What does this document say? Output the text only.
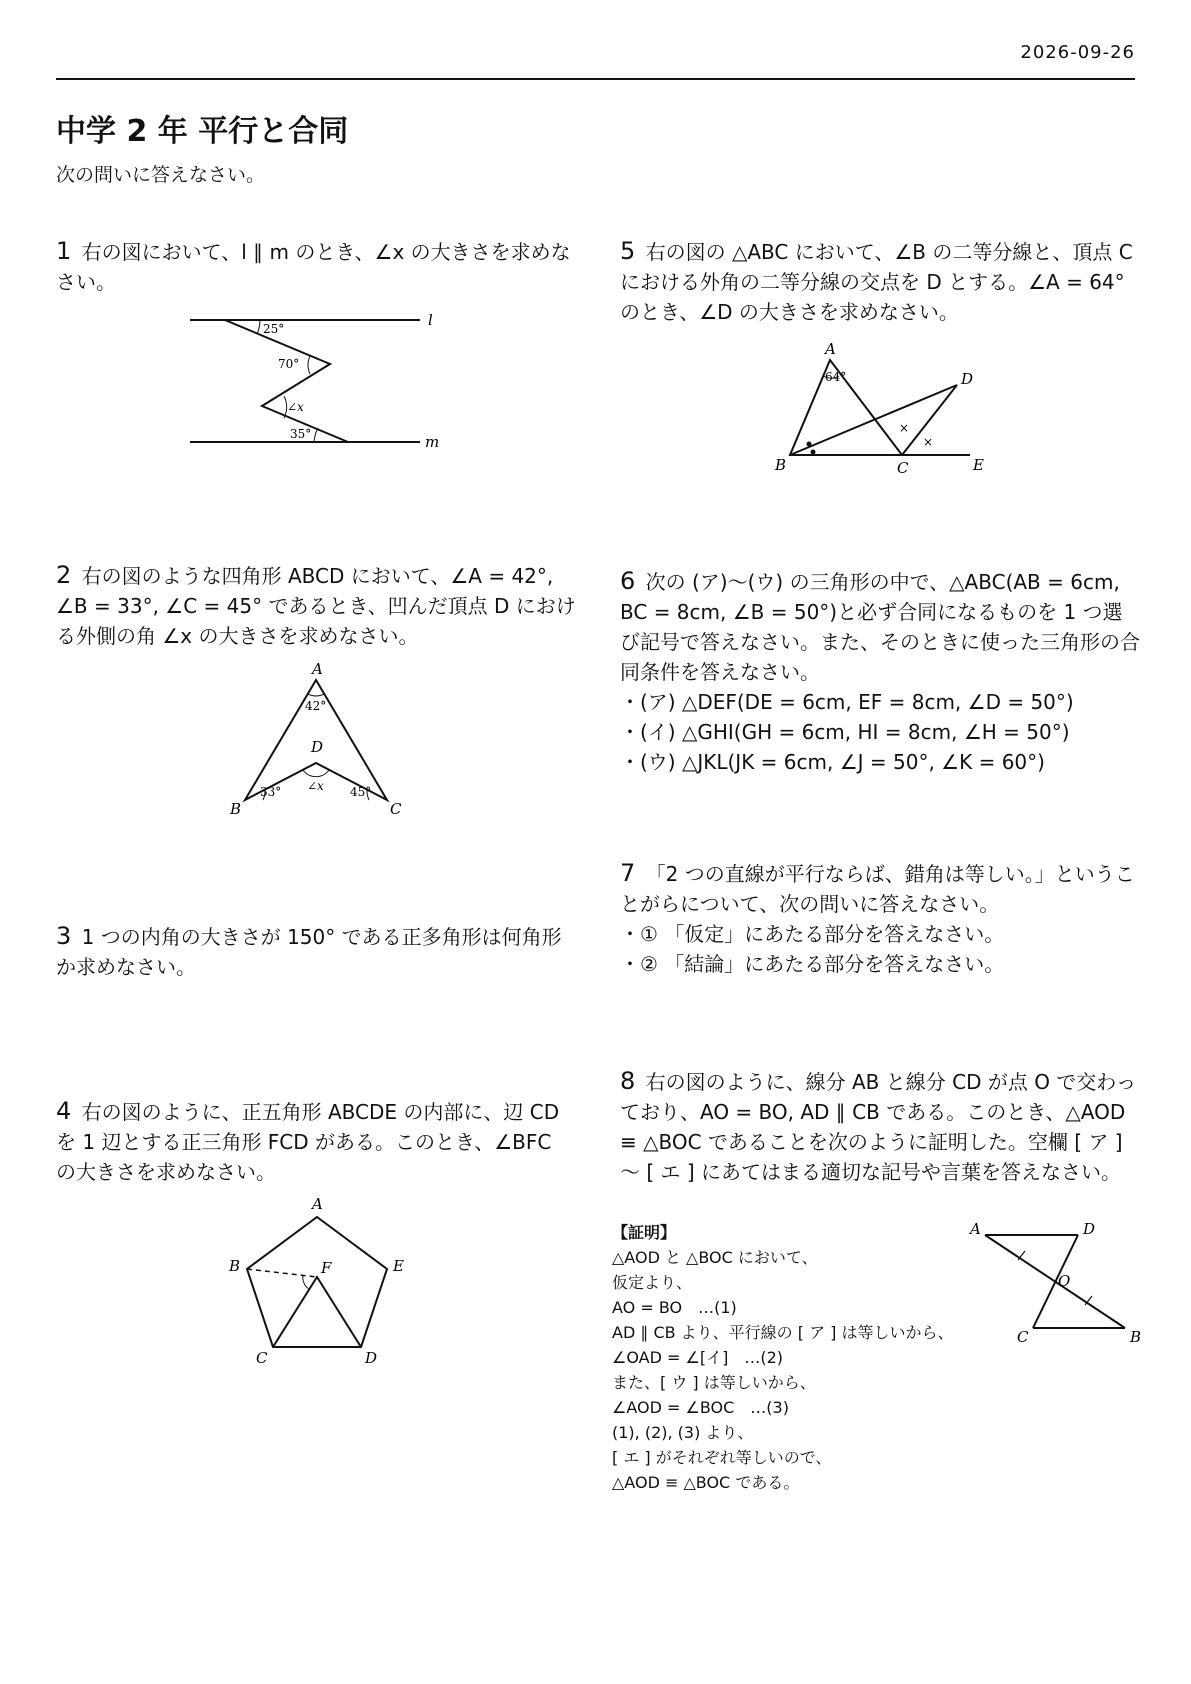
2026-09-26
中学 2 年 平行と合同
次の問いに答えなさい。
1 右の図において、l ∥ m のとき、∠x の大きさを求めなさい。
l
m
25°
70°
∠x
35°
2 右の図のような四角形 ABCD において、∠A = 42°, ∠B = 33°, ∠C = 45° であるとき、凹んだ頂点 D における外側の角 ∠x の大きさを求めなさい。
A
B	C
D
42°
33°	45°
∠x
3 1 つの内角の大きさが 150° である正多角形は何角形か求めなさい。
4 右の図のように、正五角形 ABCDE の内部に、辺 CD を 1 辺とする正三角形 FCD がある。このとき、∠BFC の大きさを求めなさい。
A
B
C	D
E
F
5 右の図の △ABC において、∠B の二等分線と、頂点 C における外角の二等分線の交点を D とする。∠A = 64° のとき、∠D の大きさを求めなさい。
×
×
A
B	C
D
E
64°
6 次の (ア)〜(ウ) の三角形の中で、△ABC(AB = 6cm, BC = 8cm, ∠B = 50°)と必ず合同になるものを 1 つ選び記号で答えなさい。また、そのときに使った三角形の合同条件を答えなさい。
・ (ア) △DEF(DE = 6cm, EF = 8cm, ∠D = 50°)
・ (イ) △GHI(GH = 6cm, HI = 8cm, ∠H = 50°)
・ (ウ) △JKL(JK = 6cm, ∠J = 50°, ∠K = 60°)
7 「2 つの直線が平行ならば、錯角は等しい。」ということがらについて、次の問いに答えなさい。
・ ① 「仮定」にあたる部分を答えなさい。
・ ② 「結論」にあたる部分を答えなさい。
8 右の図のように、線分 AB と線分 CD が点 O で交わっており、AO = BO, AD ∥ CB である。このとき、△AOD ≡ △BOC であることを次のように証明した。空欄 [ ア ] 〜 [ エ ] にあてはまる適切な記号や言葉を答えなさい。
【証明】
△AOD と △BOC において、
仮定より、
AO = BO　…(1)
AD ∥ CB より、平行線の [ ア ] は等しいから、
∠OAD = ∠[イ]　…(2)
また、[ ウ ] は等しいから、
∠AOD = ∠BOC　…(3)
(1), (2), (3) より、
[ エ ] がそれぞれ等しいので、
△AOD ≡ △BOC である。
A	D
O
C	B
